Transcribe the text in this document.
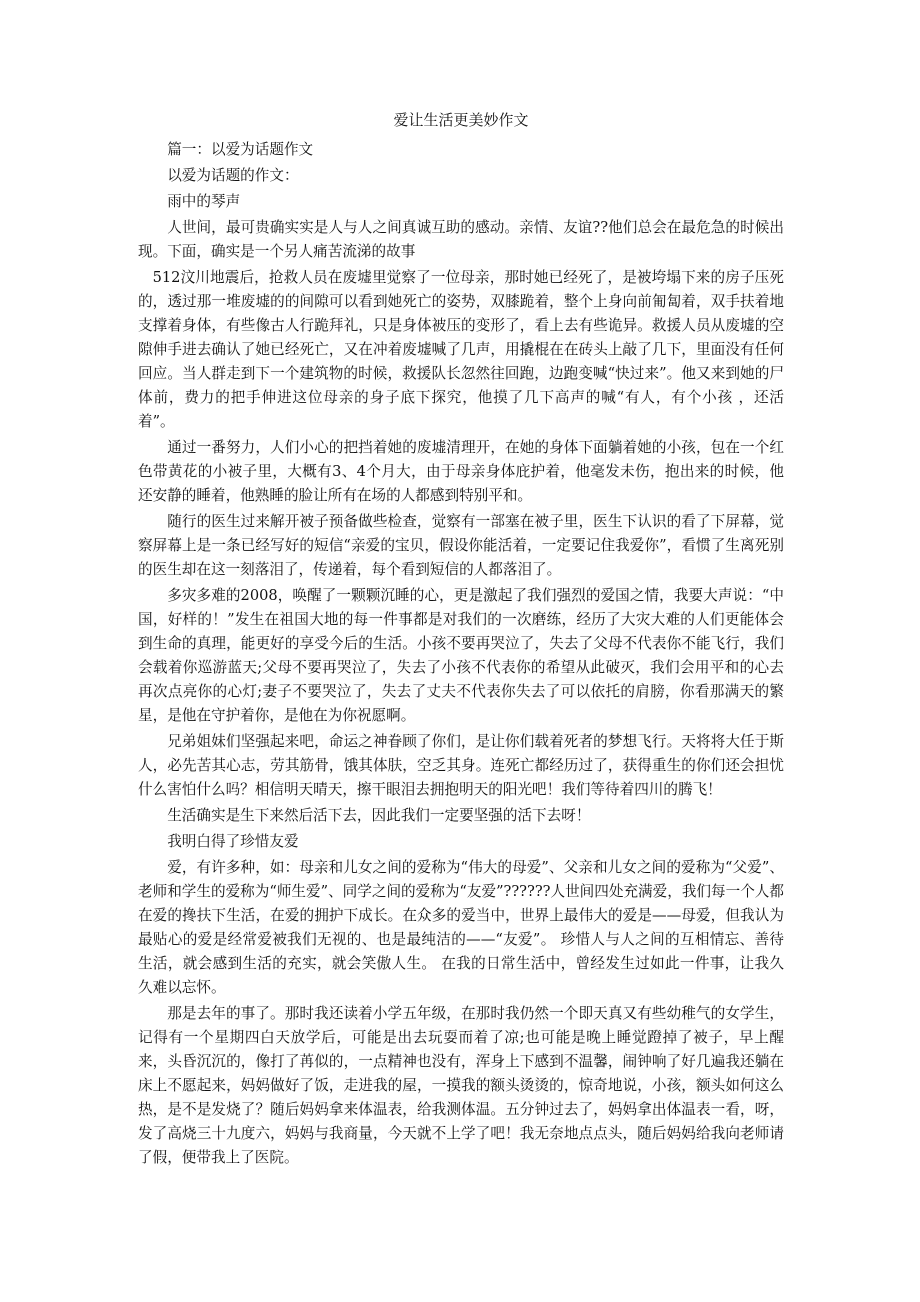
爱让生活更美妙作文

篇一：以爱为话题作文

以爱为话题的作文：

雨中的琴声

人世间，最可贵确实实是人与人之间真诚互助的感动。亲情、友谊??他们总会在最危急的时候出现。下面，确实是一个另人痛苦流涕的故事

512汶川地震后，抢救人员在废墟里觉察了一位母亲，那时她已经死了，是被垮塌下来的房子压死的，透过那一堆废墟的的间隙可以看到她死亡的姿势，双膝跪着，整个上身向前匍匐着，双手扶着地支撑着身体，有些像古人行跪拜礼，只是身体被压的变形了，看上去有些诡异。救援人员从废墟的空隙伸手进去确认了她已经死亡，又在冲着废墟喊了几声，用撬棍在在砖头上敲了几下，里面没有任何回应。当人群走到下一个建筑物的时候，救援队长忽然往回跑，边跑变喊“快过来”。他又来到她的尸体前，费力的把手伸进这位母亲的身子底下探究，他摸了几下高声的喊“有人，有个小孩 ，还活着”。

通过一番努力，人们小心的把挡着她的废墟清理开，在她的身体下面躺着她的小孩，包在一个红色带黄花的小被子里，大概有3、4个月大，由于母亲身体庇护着，他毫发未伤，抱出来的时候，他还安静的睡着，他熟睡的脸让所有在场的人都感到特别平和。

随行的医生过来解开被子预备做些检查，觉察有一部塞在被子里，医生下认识的看了下屏幕，觉察屏幕上是一条已经写好的短信“亲爱的宝贝，假设你能活着，一定要记住我爱你”，看惯了生离死别的医生却在这一刻落泪了，传递着，每个看到短信的人都落泪了。

多灾多难的2008，唤醒了一颗颗沉睡的心，更是激起了我们强烈的爱国之情，我要大声说：“中国，好样的！”发生在祖国大地的每一件事都是对我们的一次磨练，经历了大灾大难的人们更能体会到生命的真理，能更好的享受今后的生活。小孩不要再哭泣了，失去了父母不代表你不能飞行，我们会载着你巡游蓝天;父母不要再哭泣了，失去了小孩不代表你的希望从此破灭，我们会用平和的心去再次点亮你的心灯;妻子不要哭泣了，失去了丈夫不代表你失去了可以依托的肩膀，你看那满天的繁星，是他在守护着你，是他在为你祝愿啊。

兄弟姐妹们坚强起来吧，命运之神眷顾了你们，是让你们载着死者的梦想飞行。天将将大任于斯人，必先苦其心志，劳其筋骨，饿其体肤，空乏其身。连死亡都经历过了，获得重生的你们还会担忧什么害怕什么吗？相信明天晴天，擦干眼泪去拥抱明天的阳光吧！我们等待着四川的腾飞！

生活确实是生下来然后活下去，因此我们一定要坚强的活下去呀！

我明白得了珍惜友爱

爱，有许多种，如：母亲和儿女之间的爱称为“伟大的母爱”、父亲和儿女之间的爱称为“父爱”、老师和学生的爱称为“师生爱”、同学之间的爱称为“友爱”??????人世间四处充满爱，我们每一个人都在爱的搀扶下生活，在爱的拥护下成长。在众多的爱当中，世界上最伟大的爱是——母爱，但我认为最贴心的爱是经常爱被我们无视的、也是最纯洁的——“友爱”。 珍惜人与人之间的互相情忘、善待生活，就会感到生活的充实，就会笑傲人生。 在我的日常生活中，曾经发生过如此一件事，让我久久难以忘怀。

那是去年的事了。那时我还读着小学五年级，在那时我仍然一个即天真又有些幼稚气的女学生，记得有一个星期四白天放学后，可能是出去玩耍而着了凉;也可能是晚上睡觉蹬掉了被子，早上醒来，头昏沉沉的，像打了苒似的，一点精神也没有，浑身上下感到不温馨，闹钟响了好几遍我还躺在床上不愿起来，妈妈做好了饭，走进我的屋，一摸我的额头烫烫的，惊奇地说，小孩，额头如何这么热，是不是发烧了？随后妈妈拿来体温表，给我测体温。五分钟过去了，妈妈拿出体温表一看，呀，发了高烧三十九度六，妈妈与我商量，今天就不上学了吧！我无奈地点点头，随后妈妈给我向老师请了假，便带我上了医院。
